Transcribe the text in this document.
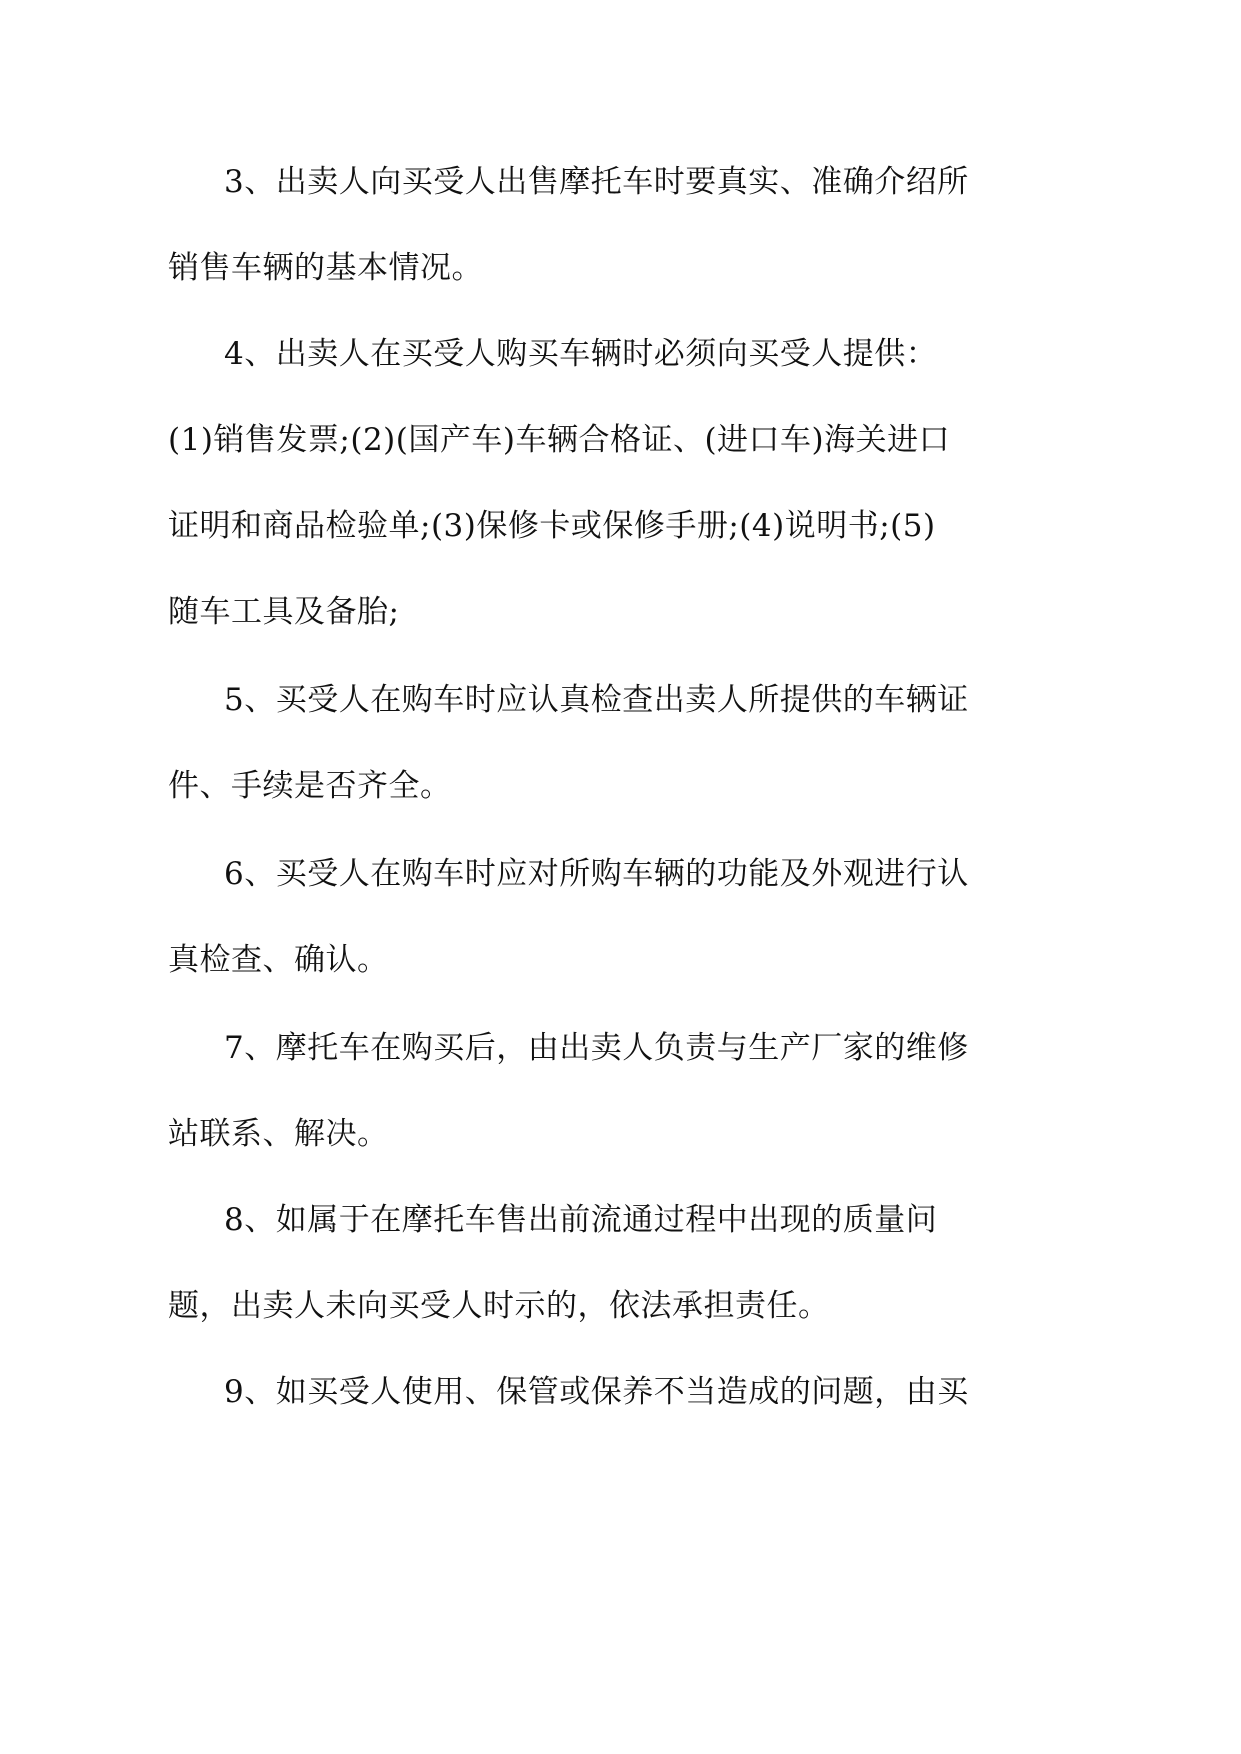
3、出卖人向买受人出售摩托车时要真实、准确介绍所
销售车辆的基本情况。
4、出卖人在买受人购买车辆时必须向买受人提供：
(1)销售发票;(2)(国产车)车辆合格证、(进口车)海关进口
证明和商品检验单;(3)保修卡或保修手册;(4)说明书;(5)
随车工具及备胎;
5、买受人在购车时应认真检查出卖人所提供的车辆证
件、手续是否齐全。
6、买受人在购车时应对所购车辆的功能及外观进行认
真检查、确认。
7、摩托车在购买后，由出卖人负责与生产厂家的维修
站联系、解决。
8、如属于在摩托车售出前流通过程中出现的质量问
题，出卖人未向买受人时示的，依法承担责任。
9、如买受人使用、保管或保养不当造成的问题，由买
